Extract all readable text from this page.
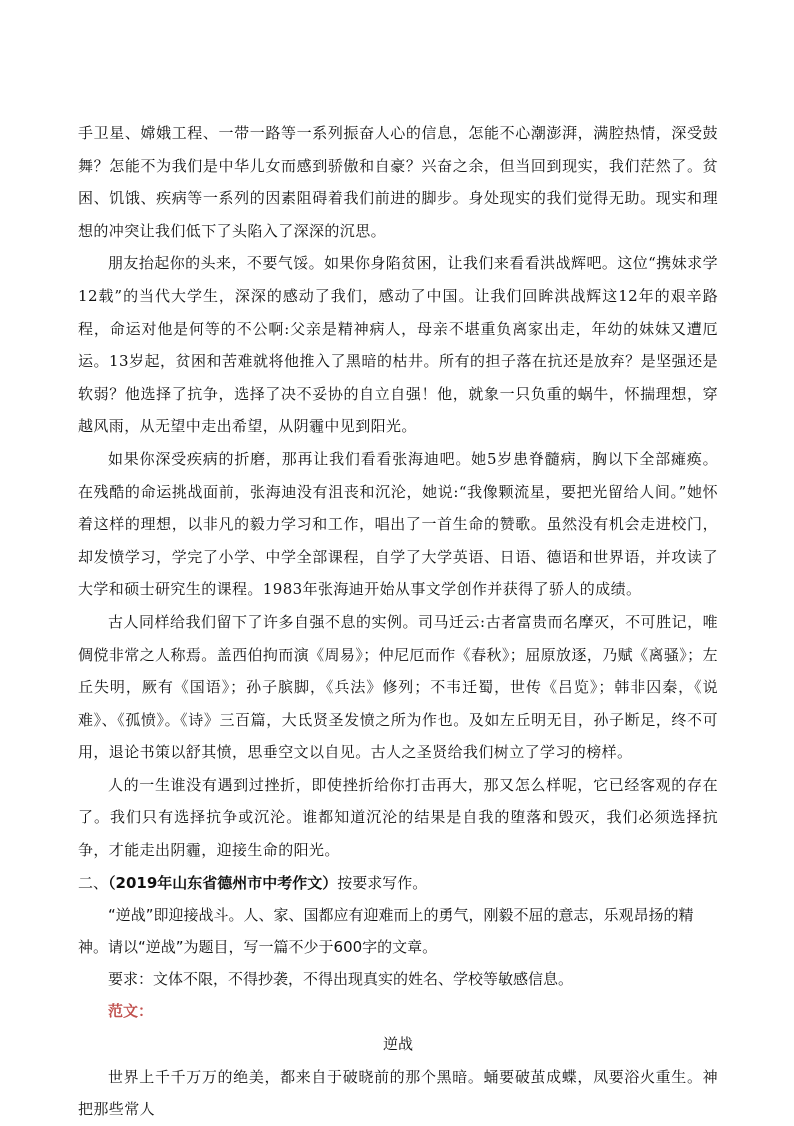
手卫星、嫦娥工程、一带一路等一系列振奋人心的信息，怎能不心潮澎湃，满腔热情，深受鼓舞？怎能不为我们是中华儿女而感到骄傲和自豪？兴奋之余，但当回到现实，我们茫然了。贫困、饥饿、疾病等一系列的因素阻碍着我们前进的脚步。身处现实的我们觉得无助。现实和理想的冲突让我们低下了头陷入了深深的沉思。

朋友抬起你的头来，不要气馁。如果你身陷贫困，让我们来看看洪战辉吧。这位“携妹求学12载”的当代大学生，深深的感动了我们，感动了中国。让我们回眸洪战辉这12年的艰辛路程，命运对他是何等的不公啊:父亲是精神病人，母亲不堪重负离家出走，年幼的妹妹又遭厄运。13岁起，贫困和苦难就将他推入了黑暗的枯井。所有的担子落在抗还是放弃？是坚强还是软弱？他选择了抗争，选择了决不妥协的自立自强！他，就象一只负重的蜗牛，怀揣理想，穿越风雨，从无望中走出希望，从阴霾中见到阳光。

如果你深受疾病的折磨，那再让我们看看张海迪吧。她5岁患脊髓病，胸以下全部瘫痪。在残酷的命运挑战面前，张海迪没有沮丧和沉沦，她说:“我像颗流星，要把光留给人间。”她怀着这样的理想，以非凡的毅力学习和工作，唱出了一首生命的赞歌。虽然没有机会走进校门，却发愤学习，学完了小学、中学全部课程，自学了大学英语、日语、德语和世界语，并攻读了大学和硕士研究生的课程。1983年张海迪开始从事文学创作并获得了骄人的成绩。

古人同样给我们留下了许多自强不息的实例。司马迁云:古者富贵而名摩灭，不可胜记，唯倜傥非常之人称焉。盖西伯拘而演《周易》；仲尼厄而作《春秋》；屈原放逐，乃赋《离骚》；左丘失明，厥有《国语》；孙子膑脚，《兵法》修列；不韦迁蜀，世传《吕览》；韩非囚秦，《说难》、《孤愤》。《诗》三百篇，大氐贤圣发愤之所为作也。及如左丘明无目，孙子断足，终不可用，退论书策以舒其愤，思垂空文以自见。古人之圣贤给我们树立了学习的榜样。

人的一生谁没有遇到过挫折，即使挫折给你打击再大，那又怎么样呢，它已经客观的存在了。我们只有选择抗争或沉沦。谁都知道沉沦的结果是自我的堕落和毁灭，我们必须选择抗争，才能走出阴霾，迎接生命的阳光。

二、（2019年山东省德州市中考作文）按要求写作。

“逆战”即迎接战斗。人、家、国都应有迎难而上的勇气，刚毅不屈的意志，乐观昂扬的精神。请以“逆战”为题目，写一篇不少于600字的文章。

要求：文体不限，不得抄袭，不得出现真实的姓名、学校等敏感信息。

范文：

逆战

世界上千千万万的绝美，都来自于破晓前的那个黑暗。蛹要破茧成蝶，凤要浴火重生。神把那些常人
